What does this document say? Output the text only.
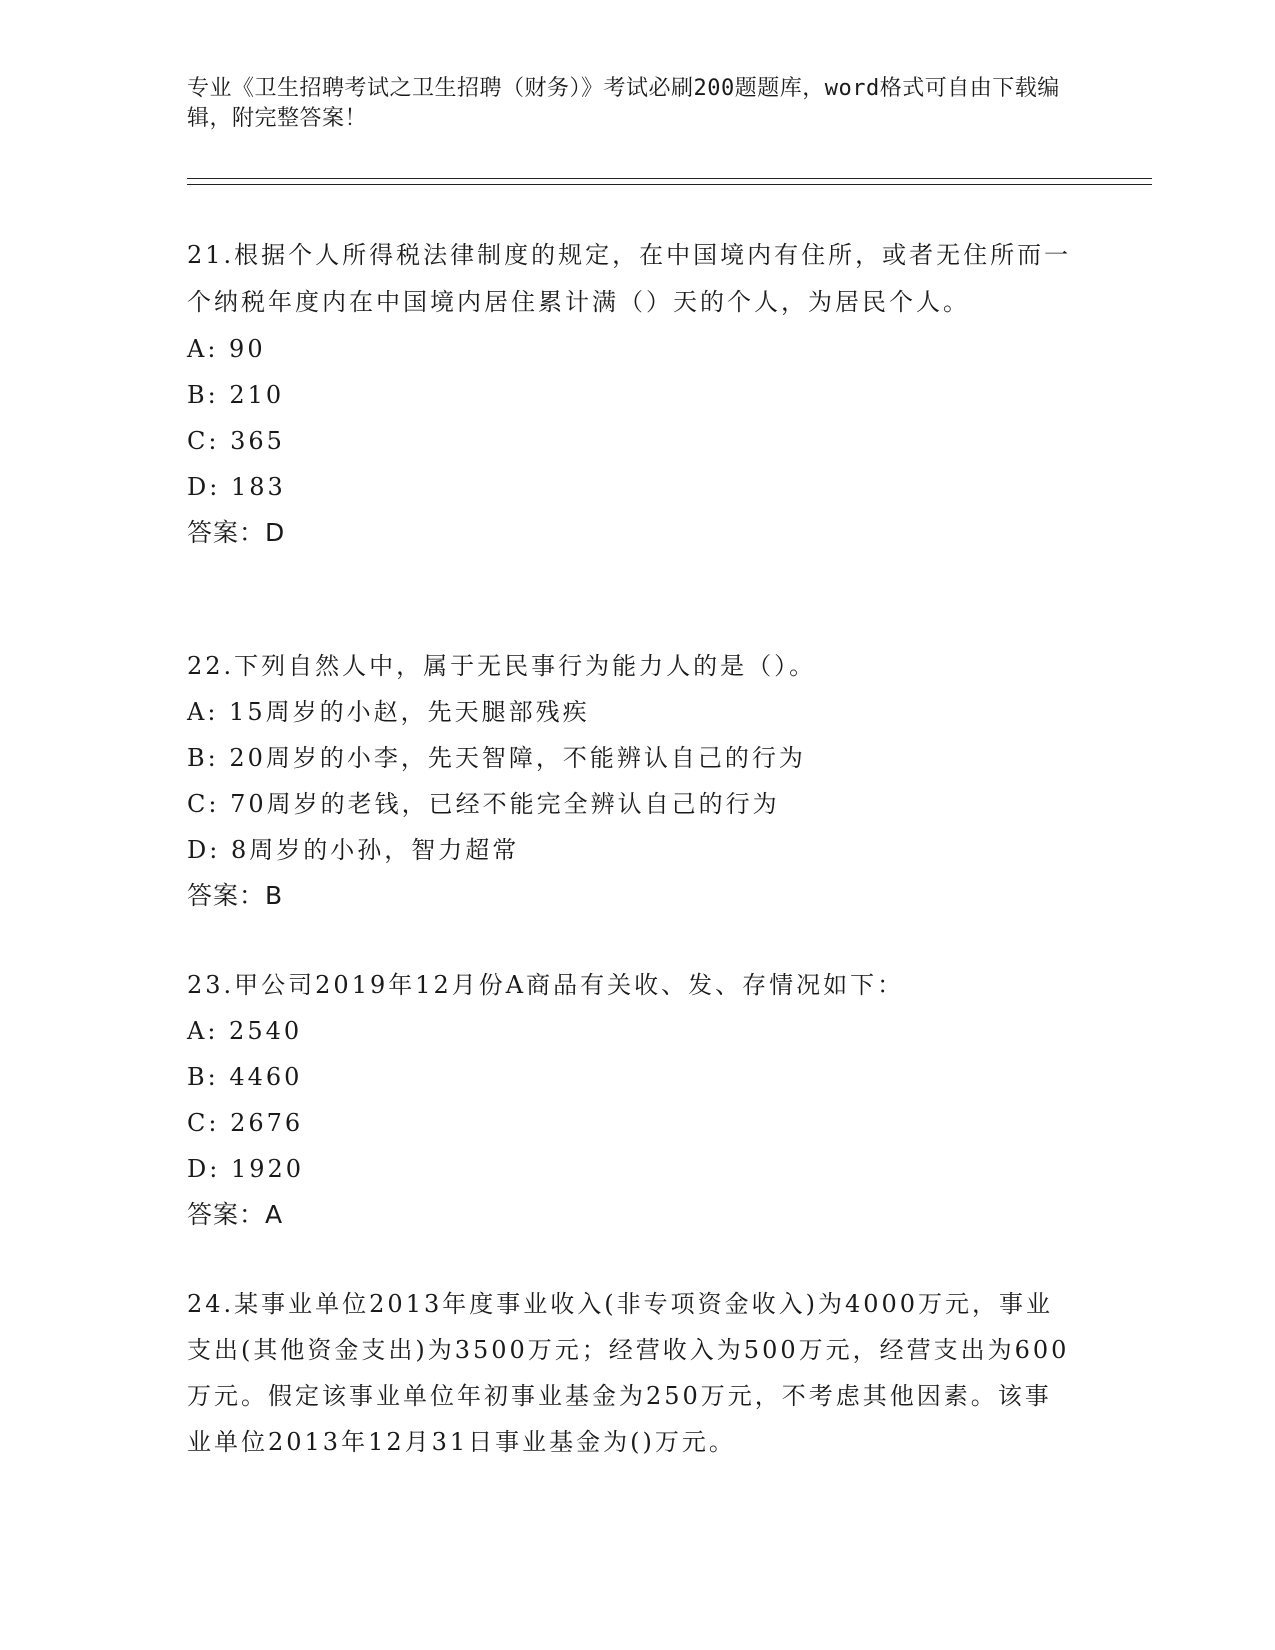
专业《卫生招聘考试之卫生招聘（财务）》考试必刷200题题库，word格式可自由下载编辑，附完整答案！
21.根据个人所得税法律制度的规定，在中国境内有住所，或者无住所而一个纳税年度内在中国境内居住累计满（）天的个人，为居民个人。
A: 90
B: 210
C: 365
D: 183
答案：D
22.下列自然人中，属于无民事行为能力人的是（）。
A: 15周岁的小赵，先天腿部残疾
B: 20周岁的小李，先天智障，不能辨认自己的行为
C: 70周岁的老钱，已经不能完全辨认自己的行为
D: 8周岁的小孙，智力超常
答案：B
23.甲公司2019年12月份A商品有关收、发、存情况如下：
A: 2540
B: 4460
C: 2676
D: 1920
答案：A
24.某事业单位2013年度事业收入(非专项资金收入)为4000万元，事业支出(其他资金支出)为3500万元；经营收入为500万元，经营支出为600万元。假定该事业单位年初事业基金为250万元，不考虑其他因素。该事业单位2013年12月31日事业基金为()万元。
